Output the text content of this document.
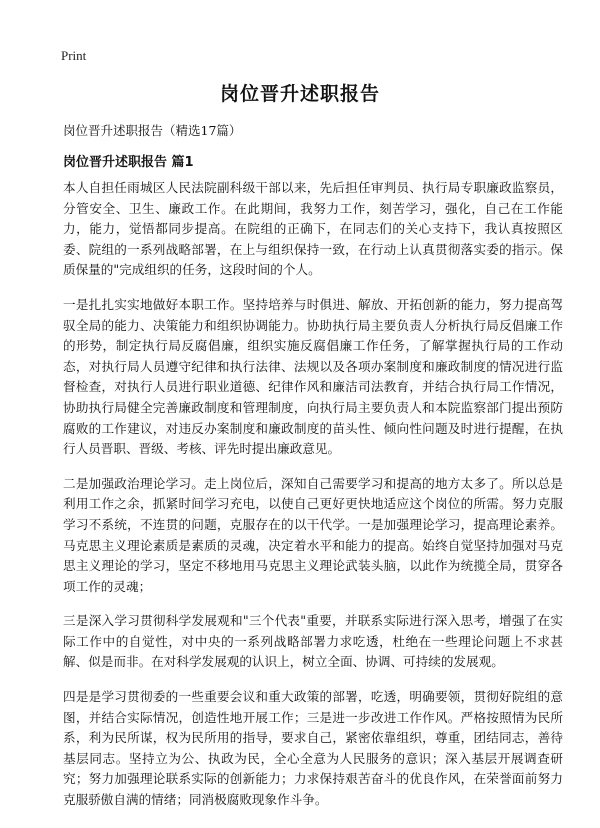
Print
岗位晋升述职报告

岗位晋升述职报告（精选17篇）

岗位晋升述职报告 篇1

本人自担任雨城区人民法院副科级干部以来，先后担任审判员、执行局专职廉政监察员，分管安全、卫生、廉政工作。在此期间，我努力工作，刻苦学习，强化，自己在工作能力，能力，觉悟都同步提高。在院组的正确下，在同志们的关心支持下，我认真按照区委、院组的一系列战略部署，在上与组织保持一致，在行动上认真贯彻落实委的指示。保质保量的"完成组织的任务，这段时间的个人。

一是扎扎实实地做好本职工作。坚持培养与时俱进、解放、开拓创新的能力，努力提高驾驭全局的能力、决策能力和组织协调能力。协助执行局主要负责人分析执行局反倡廉工作的形势，制定执行局反腐倡廉，组织实施反腐倡廉工作任务，了解掌握执行局的工作动态，对执行局人员遵守纪律和执行法律、法规以及各项办案制度和廉政制度的情况进行监督检查，对执行人员进行职业道德、纪律作风和廉洁司法教育，并结合执行局工作情况，协助执行局健全完善廉政制度和管理制度，向执行局主要负责人和本院监察部门提出预防腐败的工作建议，对违反办案制度和廉政制度的苗头性、倾向性问题及时进行提醒，在执行人员晋职、晋级、考核、评先时提出廉政意见。

二是加强政治理论学习。走上岗位后，深知自己需要学习和提高的地方太多了。所以总是利用工作之余，抓紧时间学习充电，以使自己更好更快地适应这个岗位的所需。努力克服学习不系统，不连贯的问题，克服存在的以干代学。一是加强理论学习，提高理论素养。马克思主义理论素质是素质的灵魂，决定着水平和能力的提高。始终自觉坚持加强对马克思主义理论的学习，坚定不移地用马克思主义理论武装头脑，以此作为统揽全局，贯穿各项工作的灵魂；

三是深入学习贯彻科学发展观和"三个代表"重要，并联系实际进行深入思考，增强了在实际工作中的自觉性，对中央的一系列战略部署力求吃透，杜绝在一些理论问题上不求甚解、似是而非。在对科学发展观的认识上，树立全面、协调、可持续的发展观。

四是是学习贯彻委的一些重要会议和重大政策的部署，吃透，明确要领，贯彻好院组的意图，并结合实际情况，创造性地开展工作；三是进一步改进工作作风。严格按照情为民所系，利为民所谋，权为民所用的指导，要求自己，紧密依靠组织，尊重，团结同志，善待基层同志。坚持立为公、执政为民，全心全意为人民服务的意识；深入基层开展调查研究；努力加强理论联系实际的创新能力；力求保持艰苦奋斗的优良作风，在荣誉面前努力克服骄傲自满的情绪；同消极腐败现象作斗争。
